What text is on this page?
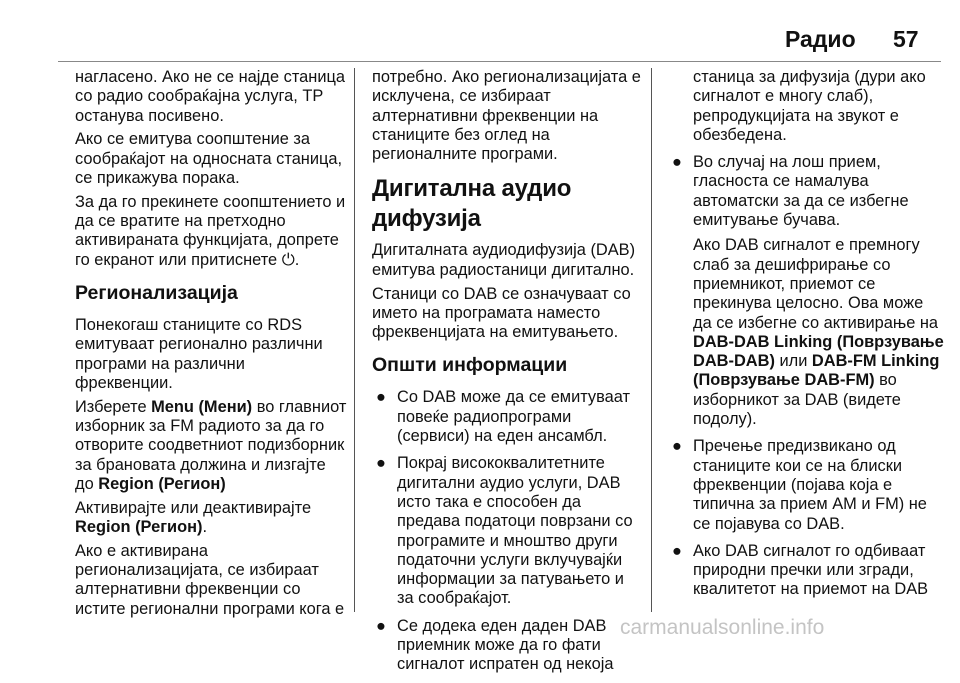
Радио 57

нагласено. Ако не се најде станица со радио сообраќајна услуга, TP останува посивено.

Ако се емитува соопштение за сообраќајот на односната станица, се прикажува порака.

За да го прекинете соопштението и да се вратите на претходно активираната функцијата, допрете го екранот или притиснете ⏻.

Регионализација

Понекогаш станиците со RDS емитуваат регионално различни програми на различни фреквенции.

Изберете Menu (Мени) во главниот изборник за FM радиото за да го отворите соодветниот подизборник за брановата должина и лизгајте до Region (Регион)

Активирајте или деактивирајте Region (Регион).

Ако е активирана регионализацијата, се избираат алтернативни фреквенции со истите регионални програми кога е

потребно. Ако регионализацијата е исклучена, се избираат алтернативни фреквенции на станиците без оглед на регионалните програми.

Дигитална аудио дифузија

Дигиталната аудиодифузија (DAB) емитува радиостаници дигитално.

Станици со DAB се означуваат со името на програмата наместо фреквенцијата на емитувањето.

Општи информации
● Со DAB може да се емитуваат повеќе радиопрограми (сервиси) на еден ансамбл.

● Покрај висококвалитетните дигитални аудио услуги, DAB исто така е способен да предава податоци поврзани со програмите и мноштво други податочни услуги вклучувајќи информации за патувањето и за сообраќајот.

● Се додека еден даден DAB приемник може да го фати сигналот испратен од некоја

станица за дифузија (дури ако сигналот е многу слаб), репродукцијата на звукот е обезбедена.

● Во случај на лош прием, гласноста се намалува автоматски за да се избегне емитување бучава.

Ако DAB сигналот е премногу слаб за дешифрирање со приемникот, приемот се прекинува целосно. Ова може да се избегне со активирање на DAB-DAB Linking (Поврзување DAB-DAB) или DAB-FM Linking (Поврзување DAB-FM) во изборникот за DAB (видете подолу).

● Пречење предизвикано од станиците кои се на блиски фреквенции (појава која е типична за прием AM и FM) не се појавува со DAB.

● Ако DAB сигналот го одбиваат природни пречки или згради, квалитетот на приемот на DAB

carmanualsonline.info
